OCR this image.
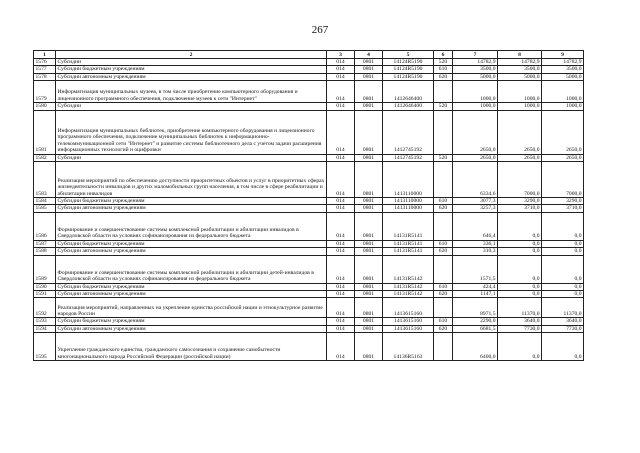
267
1	2	3	4	5	6	7	8	9
1576	Субсидии	014	0801	14124R5190	520	14782,9	14782,9	14782,9
1577	Субсидии бюджетным учреждениям	014	0801	14124R5190	610	3500,0	3500,0	3500,0
1578	Субсидии автономным учреждениям	014	0801	14124R5190	620	5000,0	5000,0	5000,0
1579	Информатизация муниципальных музеев, в том числе приобретение компьютерного оборудования и лицензионного программного обеспечения, подключение музеев к сети "Интернет"	014	0801	1412646400		1000,0	1000,0	1000,0
1580	Субсидии	014	0801	1412646400	520	1000,0	1000,0	1000,0
1581	Информатизация муниципальных библиотек, приобретение компьютерного оборудования и лицензионного программного обеспечения, подключение муниципальных библиотек к информационно-телекоммуникационной сети "Интернет" и развитие системы библиотечного дела с учетом задачи расширения информационных технологий и оцифровки	014	0801	1412745192		2650,0	2650,0	2650,0
1582	Субсидии	014	0801	1412745192	520	2650,0	2650,0	2650,0
1583	Реализация мероприятий по обеспечению доступности приоритетных объектов и услуг в приоритетных сферах жизнедеятельности инвалидов и других маломобильных групп населения, в том числе в сфере реабилитации и абилитации инвалидов	014	0801	1413110000		6334,6	7000,0	7000,0
1584	Субсидии бюджетным учреждениям	014	0801	1413110000	610	3077,3	3290,0	3290,0
1585	Субсидии автономным учреждениям	014	0801	1413110000	620	3257,3	3710,0	3710,0
1586	Формирование и совершенствование системы комплексной реабилитации и абилитации инвалидов в Свердловской области на условиях софинансирования из федерального бюджета	014	0801	14131R5141		646,4	0,0	0,0
1587	Субсидии бюджетным учреждениям	014	0801	14131R5141	610	336,1	0,0	0,0
1588	Субсидии автономным учреждениям	014	0801	14131R5141	620	310,3	0,0	0,0
1589	Формирование и совершенствование системы комплексной реабилитации и абилитации детей-инвалидов в Свердловской области на условиях софинансирования из федерального бюджета	014	0801	14131R5142		1571,5	0,0	0,0
1590	Субсидии бюджетным учреждениям	014	0801	14131R5142	610	424,4	0,0	0,0
1591	Субсидии автономным учреждениям	014	0801	14131R5142	620	1147,1	0,0	0,0
1592	Реализация мероприятий, направленных на укрепление единства российской нации и этнокультурное развитие народов России	014	0801	1413615160		8971,5	11370,0	11370,0
1593	Субсидии бюджетным учреждениям	014	0801	1413615160	610	2290,0	3640,0	3640,0
1594	Субсидии автономным учреждениям	014	0801	1413615160	620	6681,5	7730,0	7730,0
1595	Укрепление гражданского единства, гражданского самосознания и сохранение самобытности многонационального народа Российской Федерации (российской нации)	014	0801	14136R5163		6400,0	0,0	0,0
